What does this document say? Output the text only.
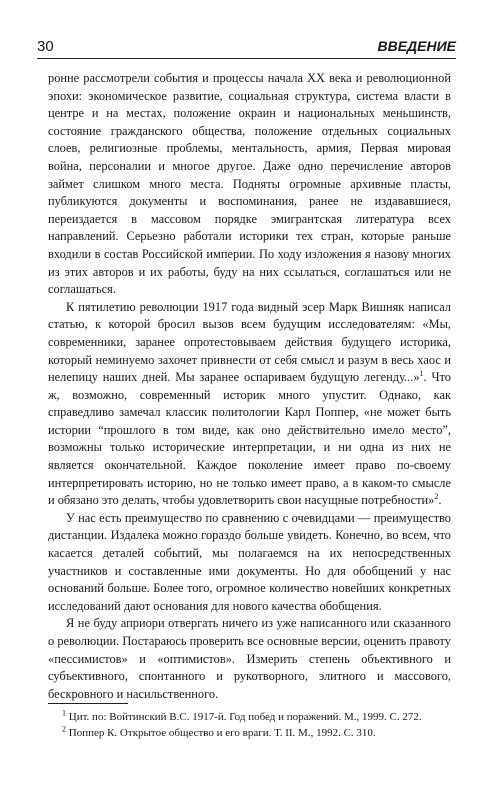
30	ВВЕДЕНИЕ

ронне рассмотрели события и процессы начала XX века и революционной эпохи: экономическое развитие, социальная структура, система власти в центре и на местах, положение окраин и национальных меньшинств, состояние гражданского общества, положение отдельных социальных слоев, религиозные проблемы, ментальность, армия, Первая мировая война, персоналии и многое другое. Даже одно перечисление авторов займет слишком много места. Подняты огромные архивные пласты, публикуются документы и воспоминания, ранее не издававшиеся, переиздается в массовом порядке эмигрантская литература всех направлений. Серьезно работали историки тех стран, которые раньше входили в состав Российской империи. По ходу изложения я назову многих из этих авторов и их работы, буду на них ссылаться, соглашаться или не соглашаться.

К пятилетию революции 1917 года видный эсер Марк Вишняк написал статью, к которой бросил вызов всем будущим исследователям: «Мы, современники, заранее опротестовываем действия будущего историка, который неминуемо захочет привнести от себя смысл и разум в весь хаос и нелепицу наших дней. Мы заранее оспариваем будущую легенду...»$^1$. Что ж, возможно, современный историк много упустит. Однако, как справедливо замечал классик политологии Карл Поппер, «не может быть истории “прошлого в том виде, как оно действительно имело место”, возможны только исторические интерпретации, и ни одна из них не является окончательной. Каждое поколение имеет право по-своему интерпретировать историю, но не только имеет право, а в каком-то смысле и обязано это делать, чтобы удовлетворить свои насущные потребности»$^2$.

У нас есть преимущество по сравнению с очевидцами — преимущество дистанции. Издалека можно гораздо больше увидеть. Конечно, во всем, что касается деталей событий, мы полагаемся на их непосредственных участников и составленные ими документы. Но для обобщений у нас оснований больше. Более того, огромное количество новейших конкретных исследований дают основания для нового качества обобщения.

Я не буду априори отвергать ничего из уже написанного или сказанного о революции. Постараюсь проверить все основные версии, оценить правоту «пессимистов» и «оптимистов». Измерить степень объективного и субъективного, спонтанного и рукотворного, элитного и массового, бескровного и насильственного.

$^1$ Цит. по: Войтинский В.С. 1917-й. Год побед и поражений. М., 1999. С. 272.

$^2$ Поппер К. Открытое общество и его враги. Т. II. М., 1992. С. 310.
